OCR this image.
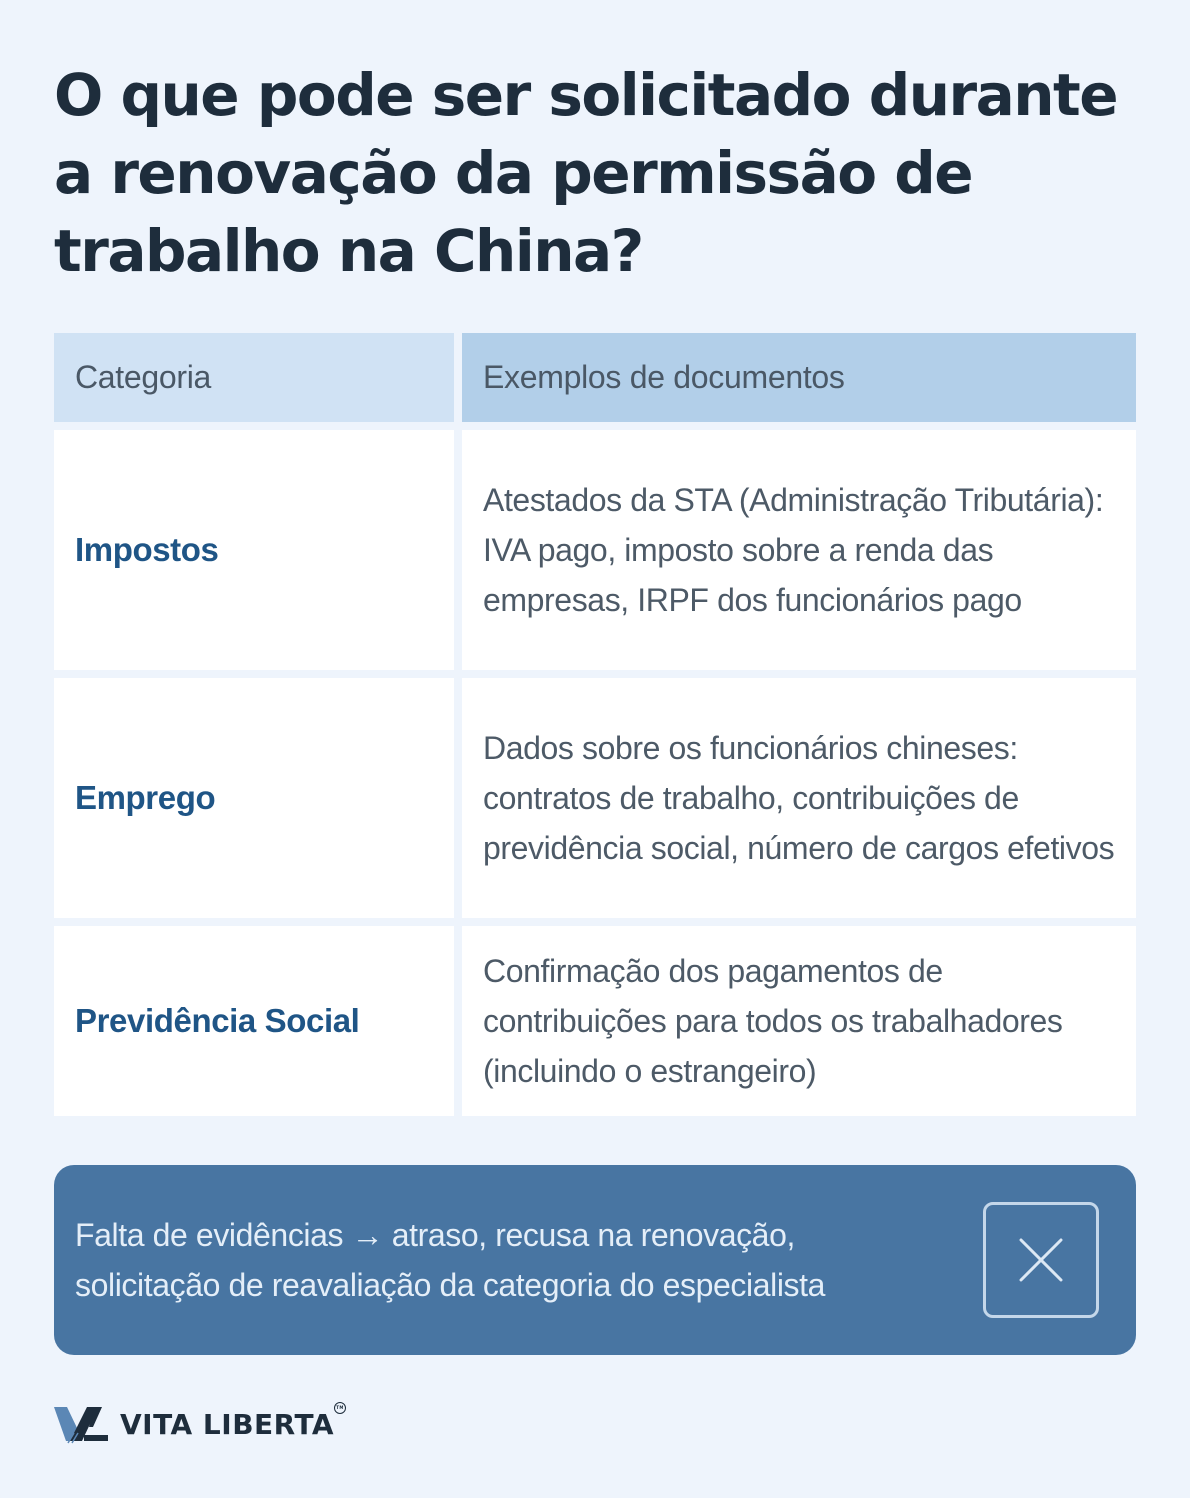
O que pode ser solicitado durante a renovação da permissão de trabalho na China?
Categoria	Exemplos de documentos
Impostos
Atestados da STA (Administração Tributária): IVA pago, imposto sobre a renda das empresas, IRPF dos funcionários pago
Emprego
Dados sobre os funcionários chineses: contratos de trabalho, contribuições de previdência social, número de cargos efetivos
Previdência Social
Confirmação dos pagamentos de contribuições para todos os trabalhadores (incluindo o estrangeiro)
Falta de evidências → atraso, recusa na renovação,
solicitação de reavaliação da categoria do especialista
VITA LIBERTA
TM
